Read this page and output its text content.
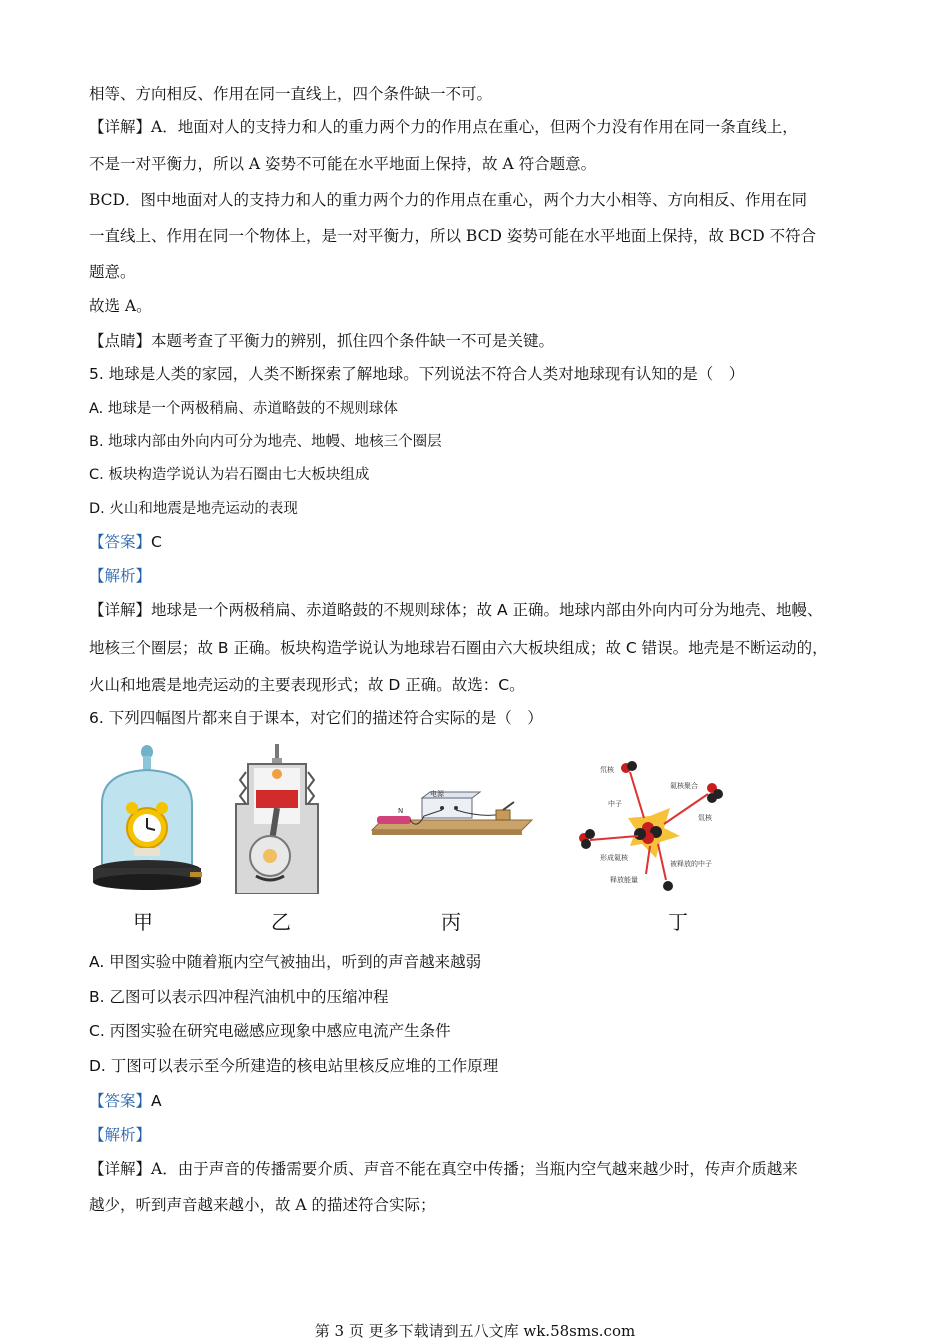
相等、方向相反、作用在同一直线上，四个条件缺一不可。
【详解】A．地面对人的支持力和人的重力两个力的作用点在重心，但两个力没有作用在同一条直线上，
不是一对平衡力，所以 A 姿势不可能在水平地面上保持，故 A 符合题意。
BCD．图中地面对人的支持力和人的重力两个力的作用点在重心，两个力大小相等、方向相反、作用在同
一直线上、作用在同一个物体上，是一对平衡力，所以 BCD 姿势可能在水平地面上保持，故 BCD 不符合
题意。
故选 A。
【点睛】本题考查了平衡力的辨别，抓住四个条件缺一不可是关键。
5. 地球是人类的家园，人类不断探索了解地球。下列说法不符合人类对地球现有认知的是（　）
A. 地球是一个两极稍扁、赤道略鼓的不规则球体
B. 地球内部由外向内可分为地壳、地幔、地核三个圈层
C. 板块构造学说认为岩石圈由七大板块组成
D. 火山和地震是地壳运动的表现
【答案】C
【解析】
【详解】地球是一个两极稍扁、赤道略鼓的不规则球体；故 A 正确。地球内部由外向内可分为地壳、地幔、
地核三个圈层；故 B 正确。板块构造学说认为地球岩石圈由六大板块组成；故 C 错误。地壳是不断运动的，
火山和地震是地壳运动的主要表现形式；故 D 正确。故选：C。
6. 下列四幅图片都来自于课本，对它们的描述符合实际的是（　）
电源
N
氘核
氦核聚合
氚核
中子
形成氦核
被释放的中子
释放能量
甲	乙	丙	丁
A. 甲图实验中随着瓶内空气被抽出，听到的声音越来越弱
B. 乙图可以表示四冲程汽油机中的压缩冲程
C. 丙图实验在研究电磁感应现象中感应电流产生条件
D. 丁图可以表示至今所建造的核电站里核反应堆的工作原理
【答案】A
【解析】
【详解】A．由于声音的传播需要介质、声音不能在真空中传播；当瓶内空气越来越少时，传声介质越来
越少，听到声音越来越小，故 A 的描述符合实际；
第 3 页 更多下载请到五八文库 wk.58sms.com
